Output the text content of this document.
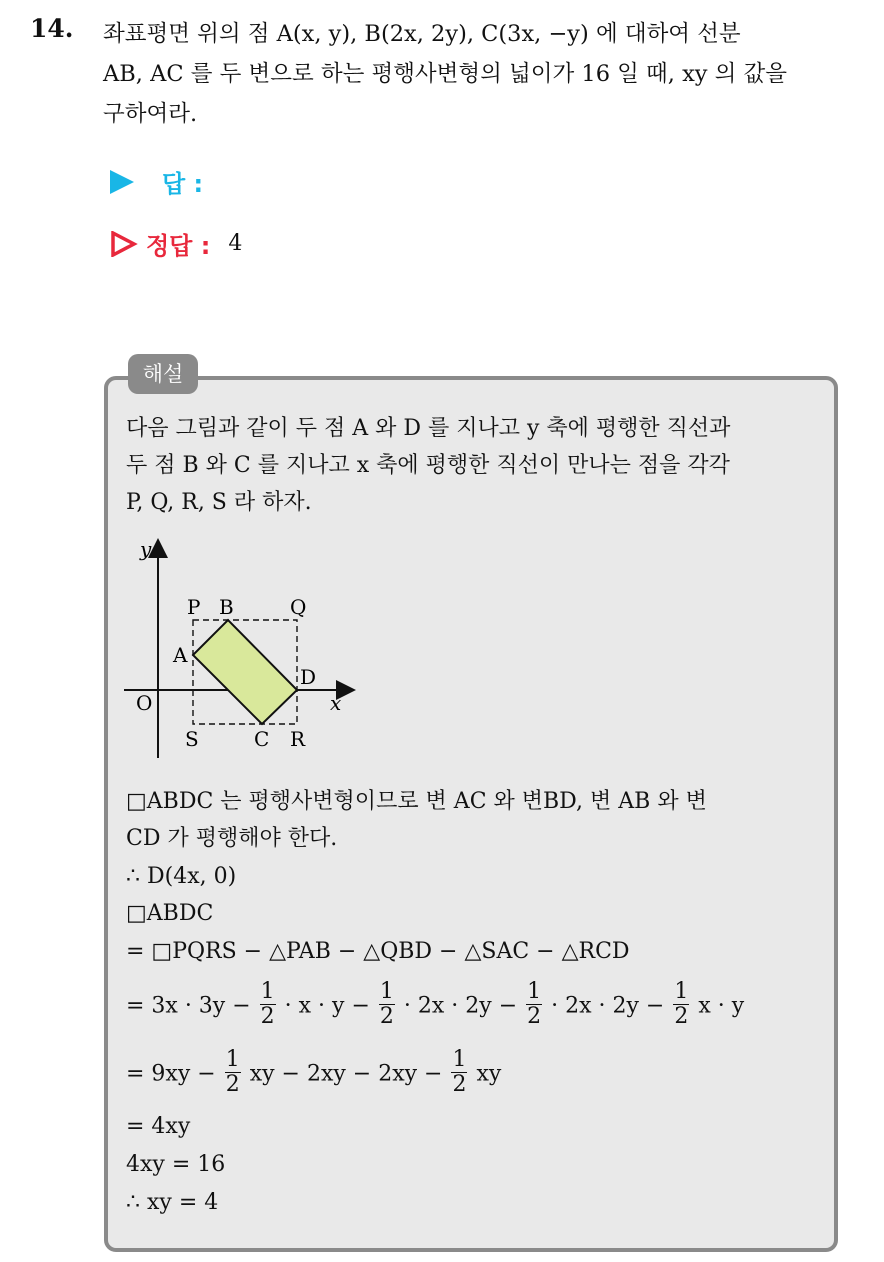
14. 좌표평면 위의 점 A(x, y), B(2x, 2y), C(3x, −y) 에 대하여 선분
AB, AC 를 두 변으로 하는 평행사변형의 넓이가 16 일 때, xy 의 값을
구하여라.
답 :
정답 : 4
해설
다음 그림과 같이 두 점 A 와 D 를 지나고 y 축에 평행한 직선과
두 점 B 와 C 를 지나고 x 축에 평행한 직선이 만나는 점을 각각
P, Q, R, S 라 하자.
y
x
O
P B	Q
A
D
S	C R
□ABDC 는 평행사변형이므로 변 AC 와 변BD, 변 AB 와 변
CD 가 평행해야 한다.
∴ D(4x, 0)
□ABDC
= □PQRS − △PAB − △QBD − △SAC − △RCD
= $3x \cdot 3y - \frac{1}{2} \cdot x \cdot y - \frac{1}{2} \cdot 2x \cdot 2y - \frac{1}{2} \cdot 2x \cdot 2y - \frac{1}{2}$ x · y
= $9xy - \frac{1}{2}$ xy − $2xy - 2xy - \frac{1}{2}$ xy
= 4xy
4xy = 16
∴ xy = 4
